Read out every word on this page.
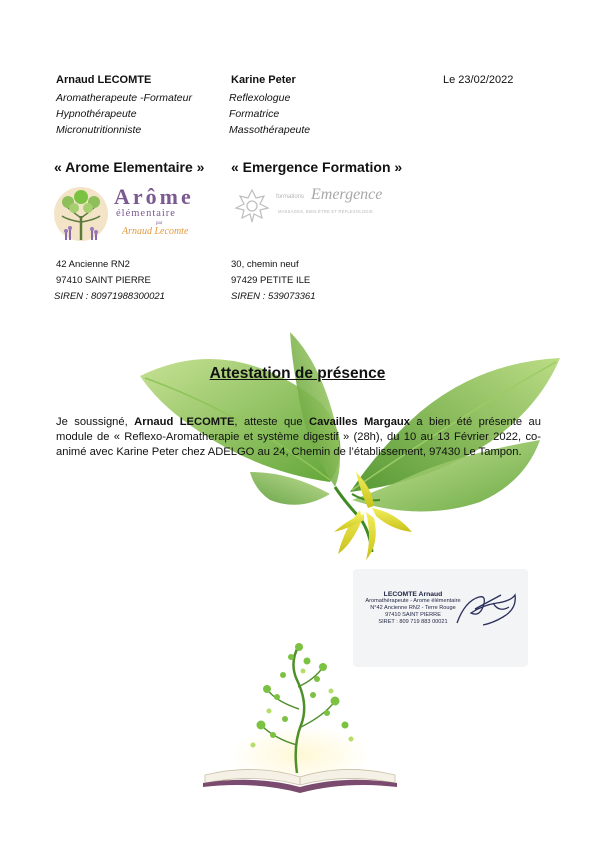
Arnaud LECOMTE
Aromatherapeute -Formateur
Hypnothérapeute
Micronutritionniste
Karine Peter
Reflexologue
Formatrice
Massothérapeute
Le 23/02/2022
« Arome Elementaire » « Emergence Formation »
Arôme
élémentaire
par
Arnaud Lecomte
formations Emergence
MASSAGES, BIEN-ÊTRE ET RÉFLEXOLOGIE
42 Ancienne RN2
97410 SAINT PIERRE
SIREN : 80971988300021
30, chemin neuf
97429 PETITE ILE
SIREN : 539073361
Attestation de présence
Je soussigné, Arnaud LECOMTE, atteste que Cavailles Margaux a bien été présente au module de « Reflexo-Aromatherapie et système digestif » (28h), du 10 au 13 Février 2022, co-animé avec Karine Peter chez ADELGO au 24, Chemin de l’établissement, 97430 Le Tampon.
LECOMTE Arnaud
Aromathérapeute - Arome élémentaire
N°42 Ancienne RN2 - Terre Rouge
97410 SAINT PIERRE
SIRET : 809 719 883 00021
